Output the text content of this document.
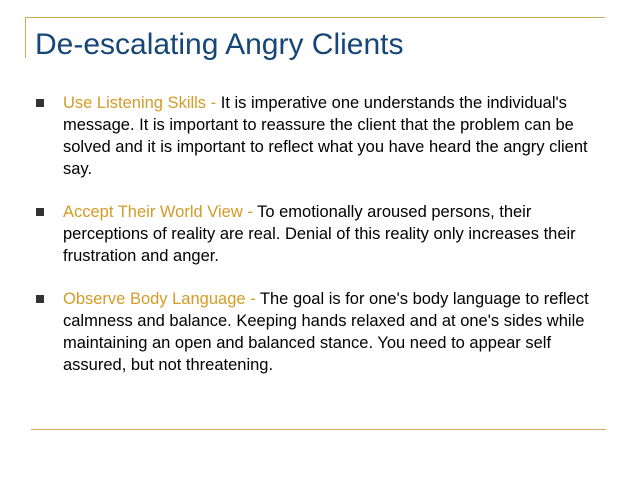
De-escalating Angry Clients
Use Listening Skills - It is imperative one understands the individual's message. It is important to reassure the client that the problem can be solved and it is important to reflect what you have heard the angry client say.
Accept Their World View - To emotionally aroused persons, their perceptions of reality are real. Denial of this reality only increases their frustration and anger.
Observe Body Language - The goal is for one's body language to reflect calmness and balance. Keeping hands relaxed and at one's sides while maintaining an open and balanced stance. You need to appear self assured, but not threatening.
